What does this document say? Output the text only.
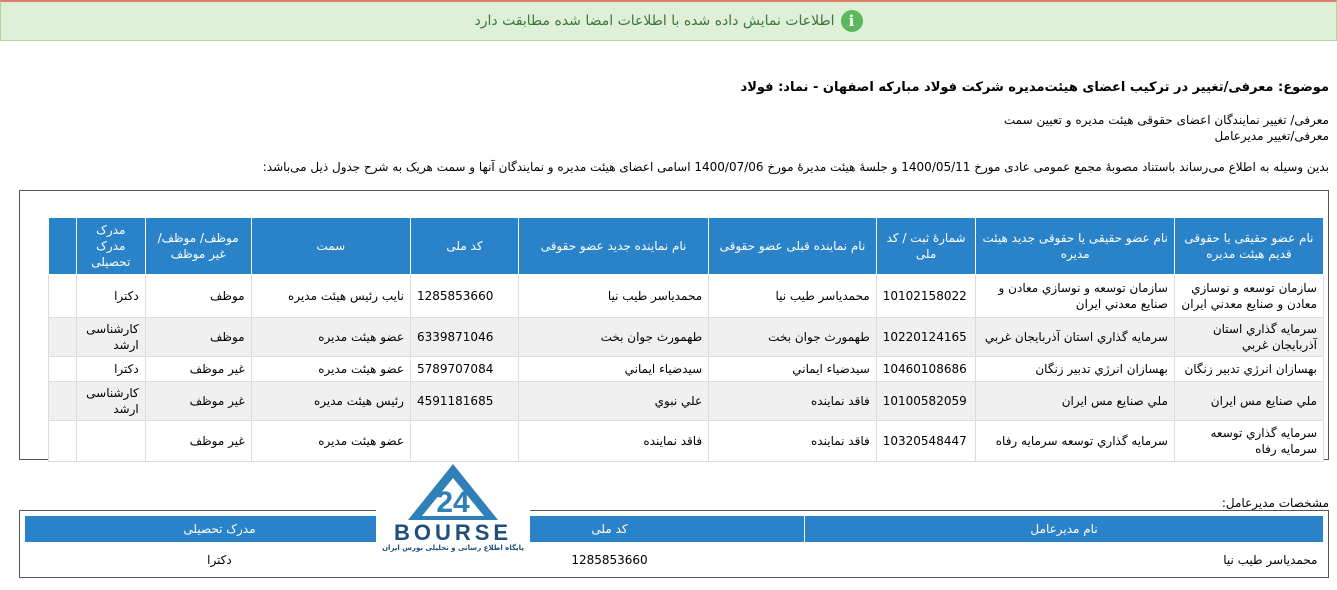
i
اطلاعات نمایش داده شده با اطلاعات امضا شده مطابقت دارد
موضوع: معرفی/تغییر در ترکیب اعضای هیئت‌مدیره شرکت فولاد مبارکه اصفهان - نماد: فولاد
معرفی/ تغییر نمایندگان اعضای حقوقی هیئت مدیره و تعیین سمت
معرفی/تغییر مدیرعامل
بدین وسیله به اطلاع می‌رساند باستناد مصوبهٔ مجمع عمومی عادی مورخ 1400/05/11 و جلسهٔ هیئت مدیرهٔ مورخ 1400/07/06 اسامی اعضای هیئت مدیره و نمایندگان آنها و سمت هریک به شرح جدول ذیل می‌باشد:
نام عضو حقیقی یا حقوقی قدیم هیئت مدیره	نام عضو حقیقی یا حقوقی جدید هیئت مدیره	شمارهٔ ثبت / کد ملی	نام نماینده قبلی عضو حقوقی	نام نماینده جدید عضو حقوقی	کد ملی	سمت	موظف/ موظف/غیر موظف	مدرک مدرک تحصیلی	
سازمان توسعه و نوسازي معادن و صنايع معدني ايران	سازمان توسعه و نوسازي معادن و صنايع معدني ايران	10102158022	محمدياسر طيب نيا	محمدياسر طيب نيا	1285853660	نایب رئیس هیئت مدیره	موظف	دکترا	
سرمايه گذاري استان آذربايجان غربي	سرمايه گذاري استان آذربايجان غربي	10220124165	طهمورث جوان بخت	طهمورث جوان بخت	6339871046	عضو هیئت مدیره	موظف	کارشناسی ارشد	
بهسازان انرژي تدبير زنگان	بهسازان انرژي تدبير زنگان	10460108686	سيدضياء ايماني	سيدضياء ايماني	5789707084	عضو هیئت مدیره	غیر موظف	دکترا	
ملي صنايع مس ايران	ملي صنايع مس ايران	10100582059	فاقد نماينده	علي نبوي	4591181685	رئیس هیئت مدیره	غیر موظف	کارشناسی ارشد	
سرمايه گذاري توسعه سرمايه رفاه	سرمايه گذاري توسعه سرمايه رفاه	10320548447	فاقد نماينده	فاقد نماينده		عضو هیئت مدیره	غیر موظف		
مشخصات مدیرعامل:
نام مدیرعامل	کد ملی	مدرک تحصیلی
محمدياسر طيب نيا	1285853660	دکترا
24
BOURSE
پایگاه اطلاع رسانی و تحلیلی بورس ایران
